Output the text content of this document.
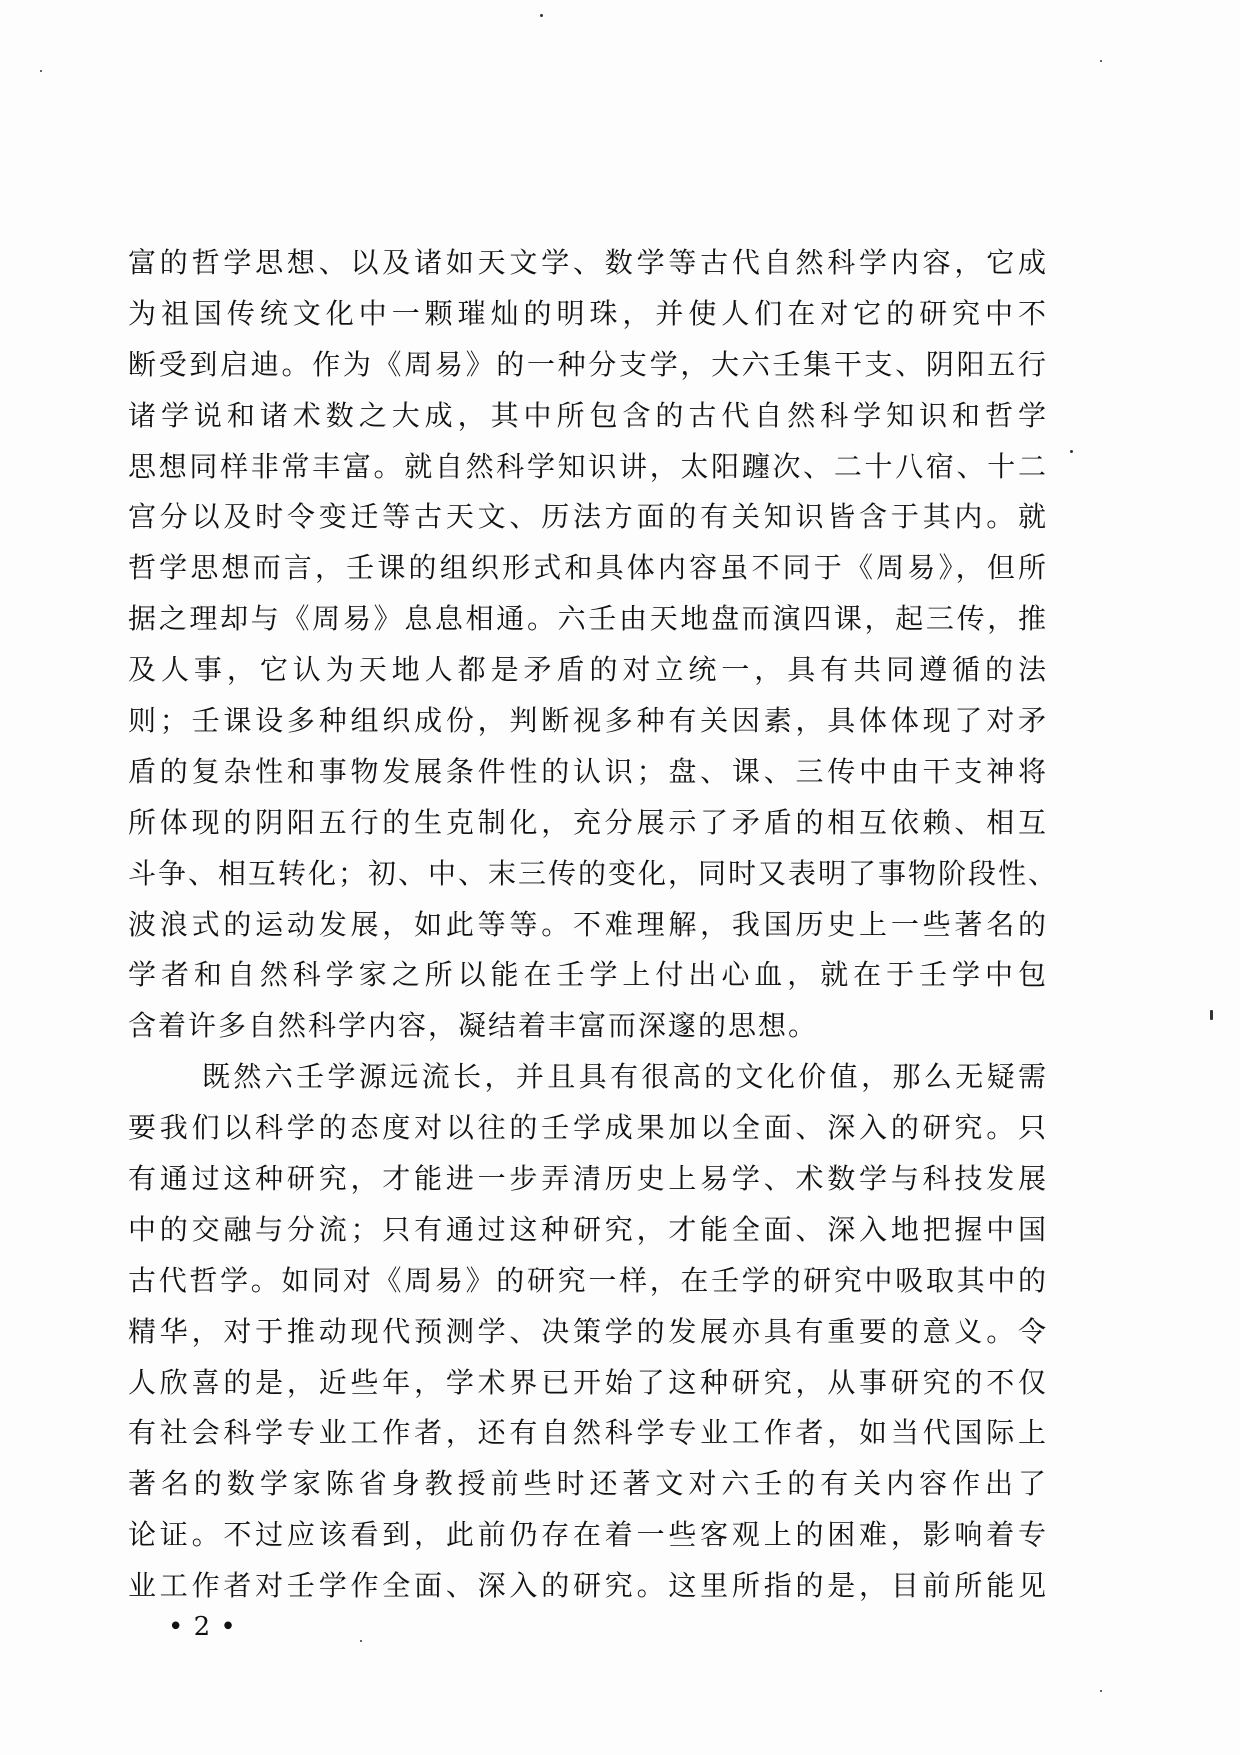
富的哲学思想、以及诸如天文学、数学等古代自然科学内容，它成
为祖国传统文化中一颗璀灿的明珠，并使人们在对它的研究中不
断受到启迪。作为《周易》的一种分支学，大六壬集干支、阴阳五行
诸学说和诸术数之大成，其中所包含的古代自然科学知识和哲学
思想同样非常丰富。就自然科学知识讲，太阳躔次、二十八宿、十二
宫分以及时令变迁等古天文、历法方面的有关知识皆含于其内。就
哲学思想而言，壬课的组织形式和具体内容虽不同于《周易》，但所
据之理却与《周易》息息相通。六壬由天地盘而演四课，起三传，推
及人事，它认为天地人都是矛盾的对立统一，具有共同遵循的法
则；壬课设多种组织成份，判断视多种有关因素，具体体现了对矛
盾的复杂性和事物发展条件性的认识；盘、课、三传中由干支神将
所体现的阴阳五行的生克制化，充分展示了矛盾的相互依赖、相互
斗争、相互转化；初、中、末三传的变化，同时又表明了事物阶段性、
波浪式的运动发展，如此等等。不难理解，我国历史上一些著名的
学者和自然科学家之所以能在壬学上付出心血，就在于壬学中包
含着许多自然科学内容，凝结着丰富而深邃的思想。
既然六壬学源远流长，并且具有很高的文化价值，那么无疑需
要我们以科学的态度对以往的壬学成果加以全面、深入的研究。只
有通过这种研究，才能进一步弄清历史上易学、术数学与科技发展
中的交融与分流；只有通过这种研究，才能全面、深入地把握中国
古代哲学。如同对《周易》的研究一样，在壬学的研究中吸取其中的
精华，对于推动现代预测学、决策学的发展亦具有重要的意义。令
人欣喜的是，近些年，学术界已开始了这种研究，从事研究的不仅
有社会科学专业工作者，还有自然科学专业工作者，如当代国际上
著名的数学家陈省身教授前些时还著文对六壬的有关内容作出了
论证。不过应该看到，此前仍存在着一些客观上的困难，影响着专
业工作者对壬学作全面、深入的研究。这里所指的是，目前所能见
• 2 •
